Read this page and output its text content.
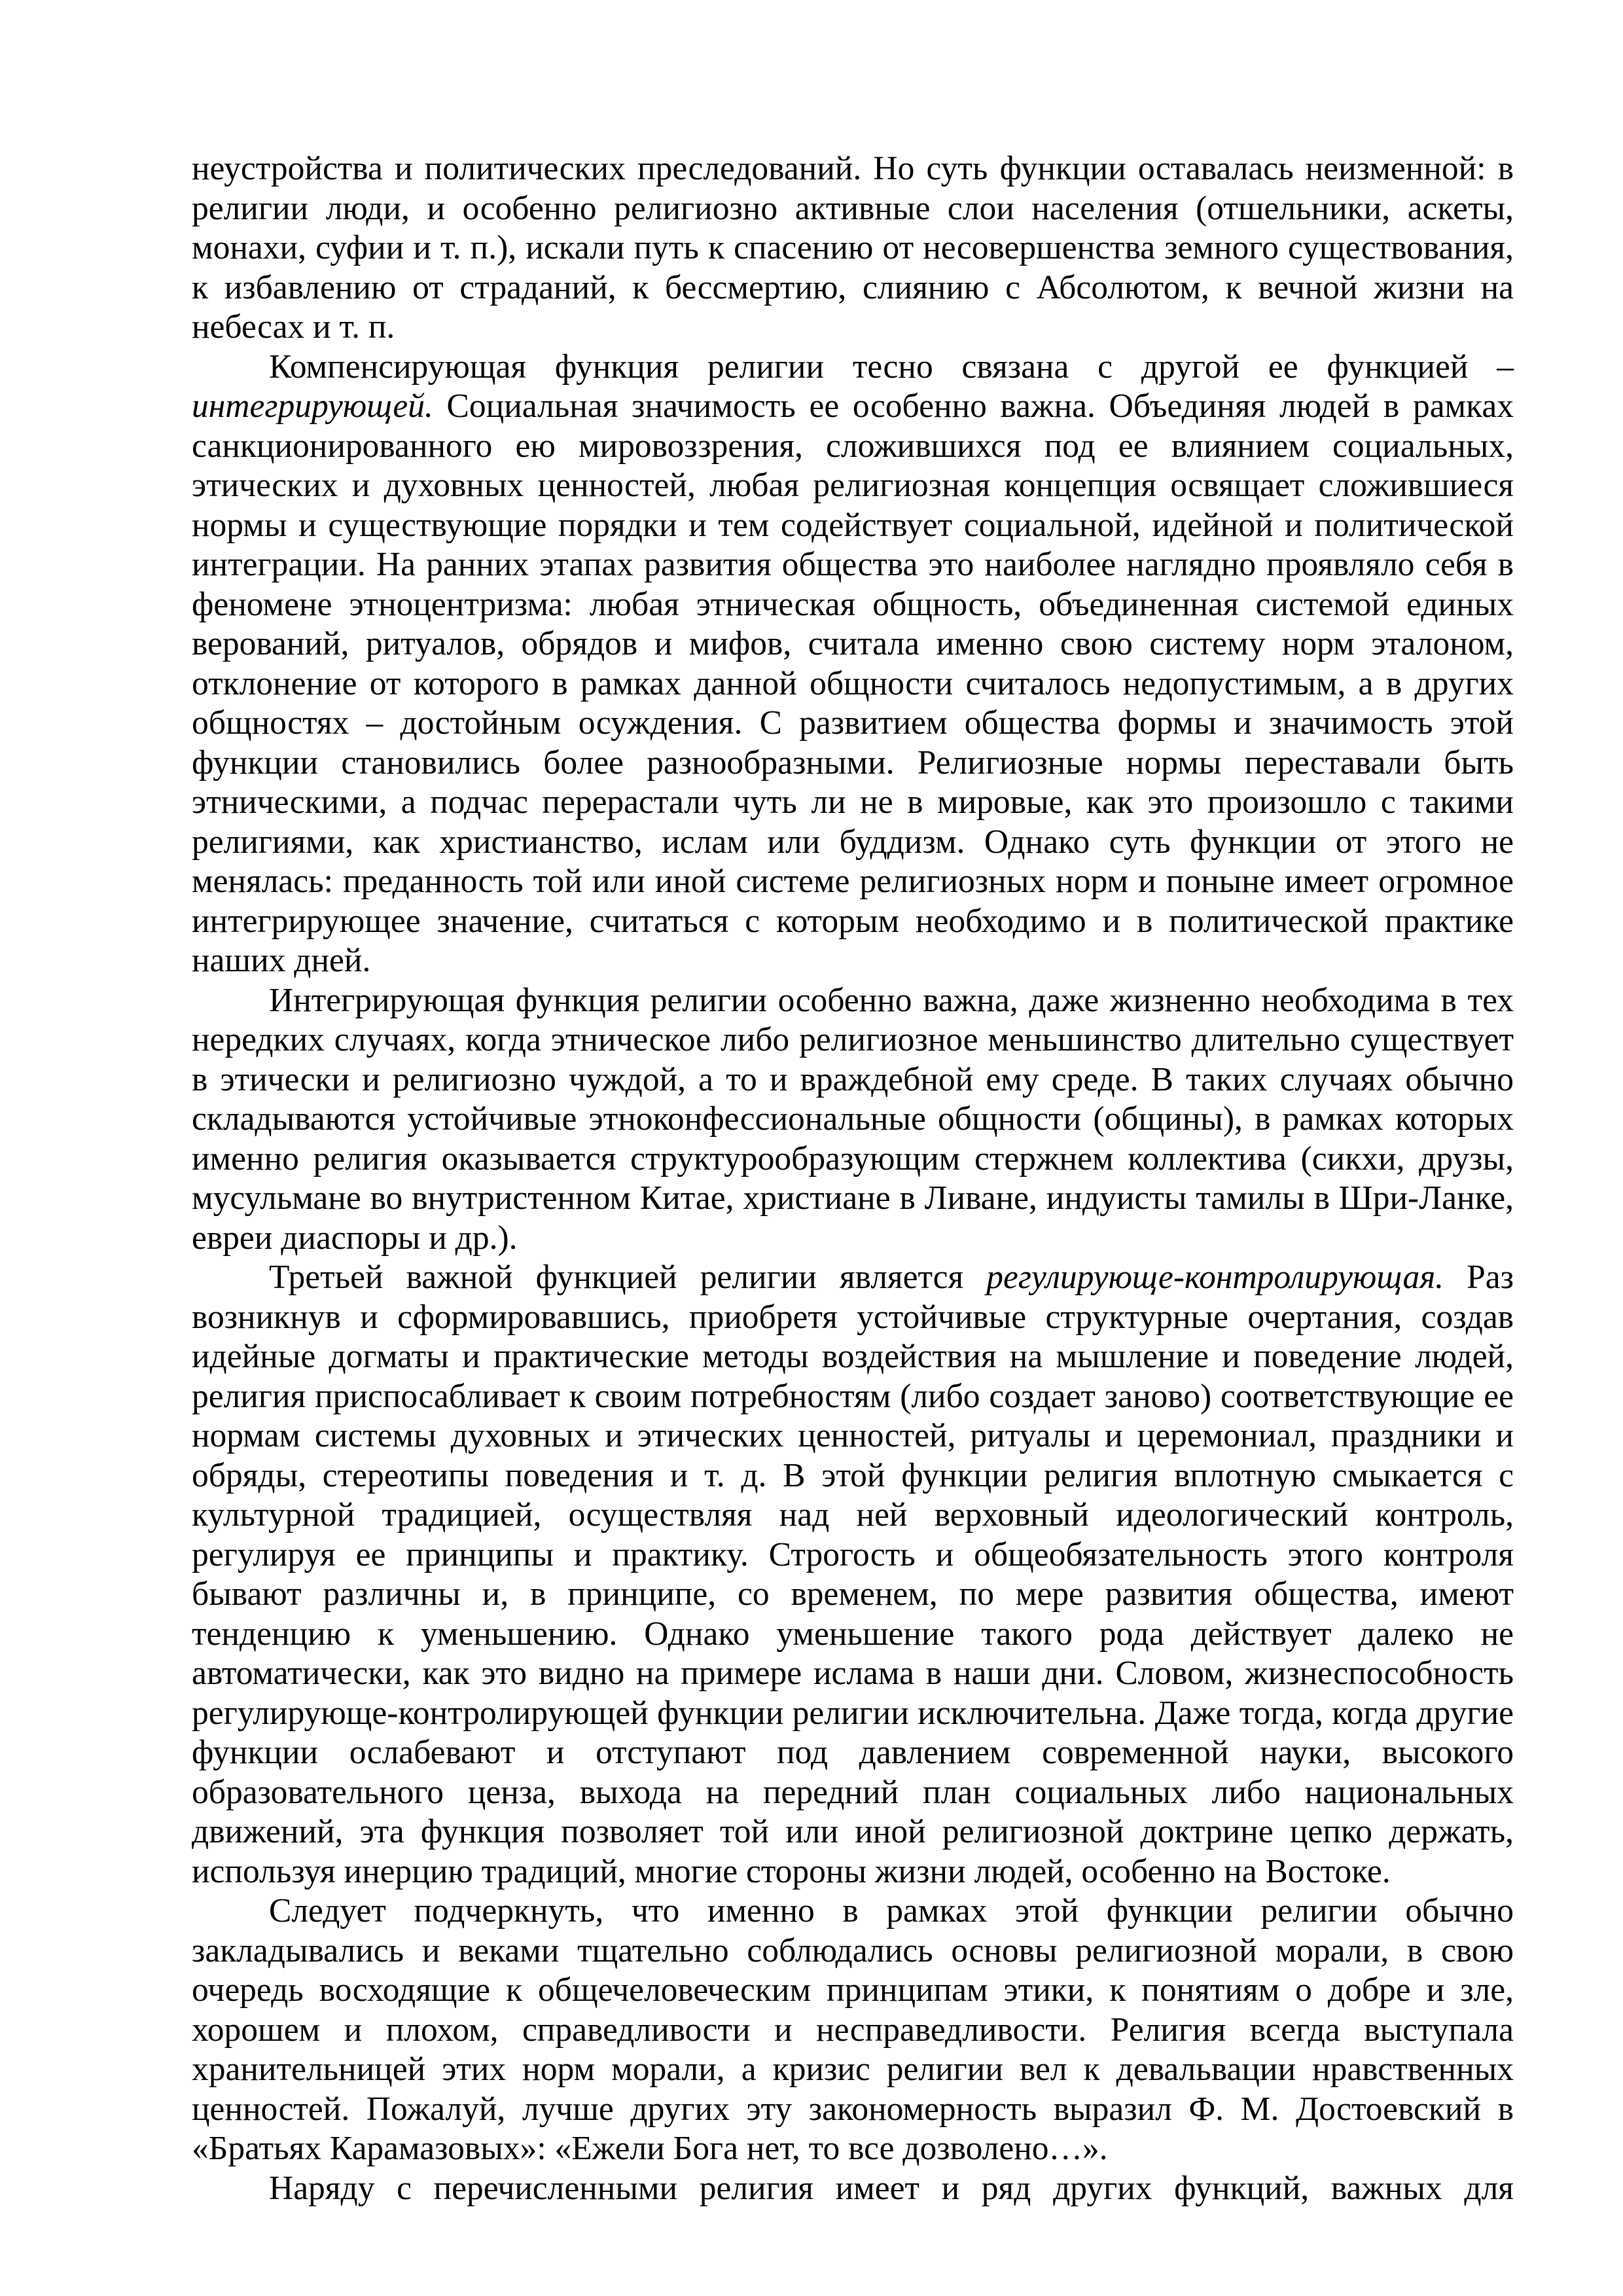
неустройства и политических преследований. Но суть функции оставалась неизменной: в религии люди, и особенно религиозно активные слои населения (отшельники, аскеты, монахи, суфии и т. п.), искали путь к спасению от несовершенства земного существования, к избавлению от страданий, к бессмертию, слиянию с Абсолютом, к вечной жизни на небесах и т. п.

Компенсирующая функция религии тесно связана с другой ее функцией – интегрирующей. Социальная значимость ее особенно важна. Объединяя людей в рамках санкционированного ею мировоззрения, сложившихся под ее влиянием социальных, этических и духовных ценностей, любая религиозная концепция освящает сложившиеся нормы и существующие порядки и тем содействует социальной, идейной и политической интеграции. На ранних этапах развития общества это наиболее наглядно проявляло себя в феномене этноцентризма: любая этническая общность, объединенная системой единых верований, ритуалов, обрядов и мифов, считала именно свою систему норм эталоном, отклонение от которого в рамках данной общности считалось недопустимым, а в других общностях – достойным осуждения. С развитием общества формы и значимость этой функции становились более разнообразными. Религиозные нормы переставали быть этническими, а подчас перерастали чуть ли не в мировые, как это произошло с такими религиями, как христианство, ислам или буддизм. Однако суть функции от этого не менялась: преданность той или иной системе религиозных норм и поныне имеет огромное интегрирующее значение, считаться с которым необходимо и в политической практике наших дней.

Интегрирующая функция религии особенно важна, даже жизненно необходима в тех нередких случаях, когда этническое либо религиозное меньшинство длительно существует в этически и религиозно чуждой, а то и враждебной ему среде. В таких случаях обычно складываются устойчивые этноконфессиональные общности (общины), в рамках которых именно религия оказывается структурообразующим стержнем коллектива (сикхи, друзы, мусульмане во внутристенном Китае, христиане в Ливане, индуисты тамилы в Шри-Ланке, евреи диаспоры и др.).

Третьей важной функцией религии является регулирующе-контролирующая. Раз возникнув и сформировавшись, приобретя устойчивые структурные очертания, создав идейные догматы и практические методы воздействия на мышление и поведение людей, религия приспосабливает к своим потребностям (либо создает заново) соответствующие ее нормам системы духовных и этических ценностей, ритуалы и церемониал, праздники и обряды, стереотипы поведения и т. д. В этой функции религия вплотную смыкается с культурной традицией, осуществляя над ней верховный идеологический контроль, регулируя ее принципы и практику. Строгость и общеобязательность этого контроля бывают различны и, в принципе, со временем, по мере развития общества, имеют тенденцию к уменьшению. Однако уменьшение такого рода действует далеко не автоматически, как это видно на примере ислама в наши дни. Словом, жизнеспособность регулирующе-контролирующей функции религии исключительна. Даже тогда, когда другие функции ослабевают и отступают под давлением современной науки, высокого образовательного ценза, выхода на передний план социальных либо национальных движений, эта функция позволяет той или иной религиозной доктрине цепко держать, используя инерцию традиций, многие стороны жизни людей, особенно на Востоке.

Следует подчеркнуть, что именно в рамках этой функции религии обычно закладывались и веками тщательно соблюдались основы религиозной морали, в свою очередь восходящие к общечеловеческим принципам этики, к понятиям о добре и зле, хорошем и плохом, справедливости и несправедливости. Религия всегда выступала хранительницей этих норм морали, а кризис религии вел к девальвации нравственных ценностей. Пожалуй, лучше других эту закономерность выразил Ф. М. Достоевский в «Братьях Карамазовых»: «Ежели Бога нет, то все дозволено…».

Наряду с перечисленными религия имеет и ряд других функций, важных для
